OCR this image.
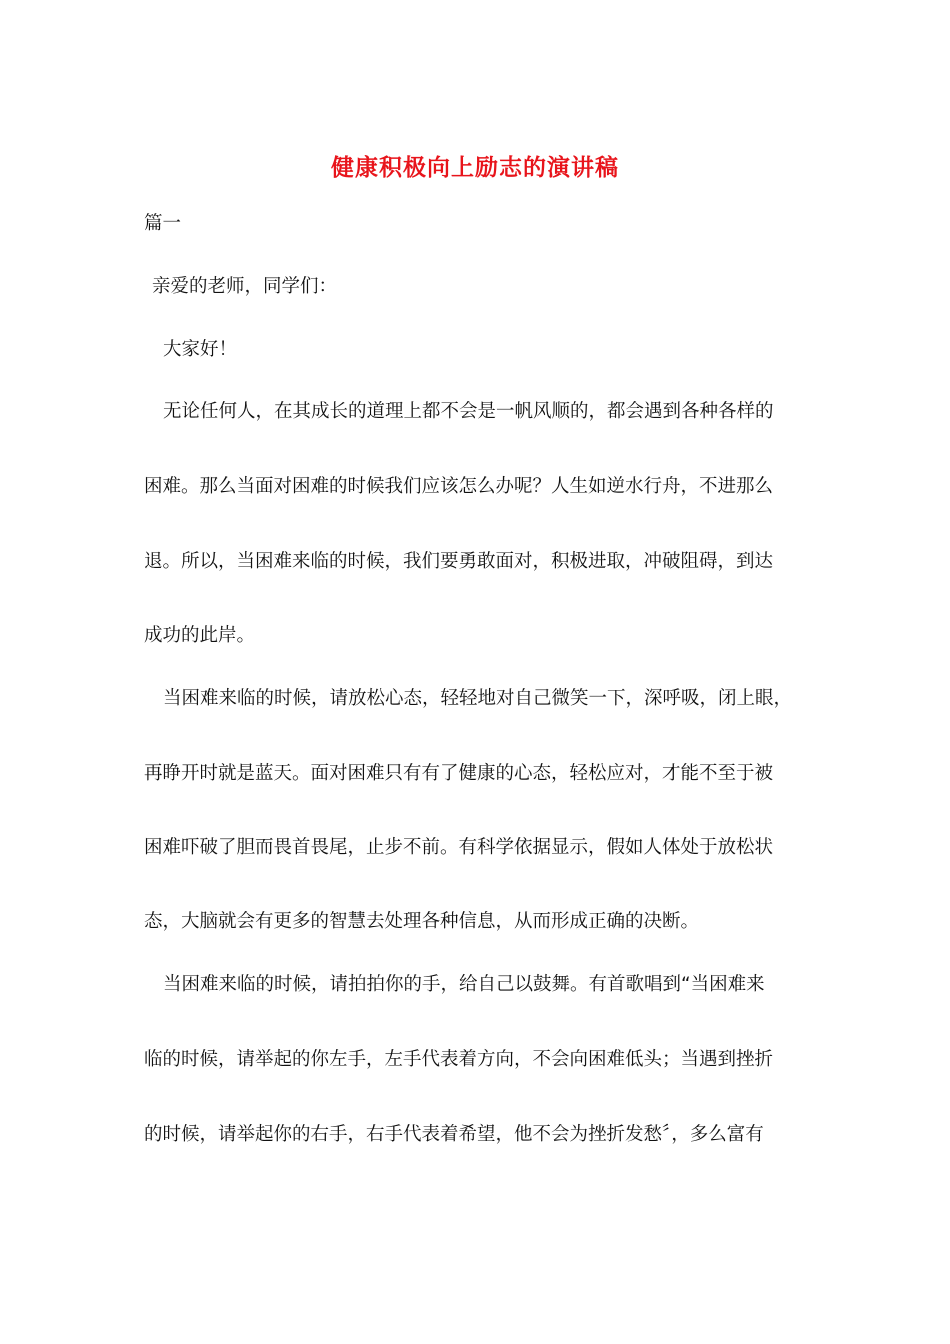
健康积极向上励志的演讲稿
篇一
亲爱的老师，同学们：
大家好！
无论任何人，在其成长的道理上都不会是一帆风顺的，都会遇到各种各样的
困难。那么当面对困难的时候我们应该怎么办呢？人生如逆水行舟，不进那么
退。所以，当困难来临的时候，我们要勇敢面对，积极进取，冲破阻碍，到达
成功的此岸。
当困难来临的时候，请放松心态，轻轻地对自己微笑一下，深呼吸，闭上眼，
再睁开时就是蓝天。面对困难只有有了健康的心态，轻松应对，才能不至于被
困难吓破了胆而畏首畏尾，止步不前。有科学依据显示，假如人体处于放松状
态，大脑就会有更多的智慧去处理各种信息，从而形成正确的决断。
当困难来临的时候，请拍拍你的手，给自己以鼓舞。有首歌唱到“当困难来
临的时候，请举起的你左手，左手代表着方向，不会向困难低头；当遇到挫折
的时候，请举起你的右手，右手代表着希望，他不会为挫折发愁〞，多么富有
